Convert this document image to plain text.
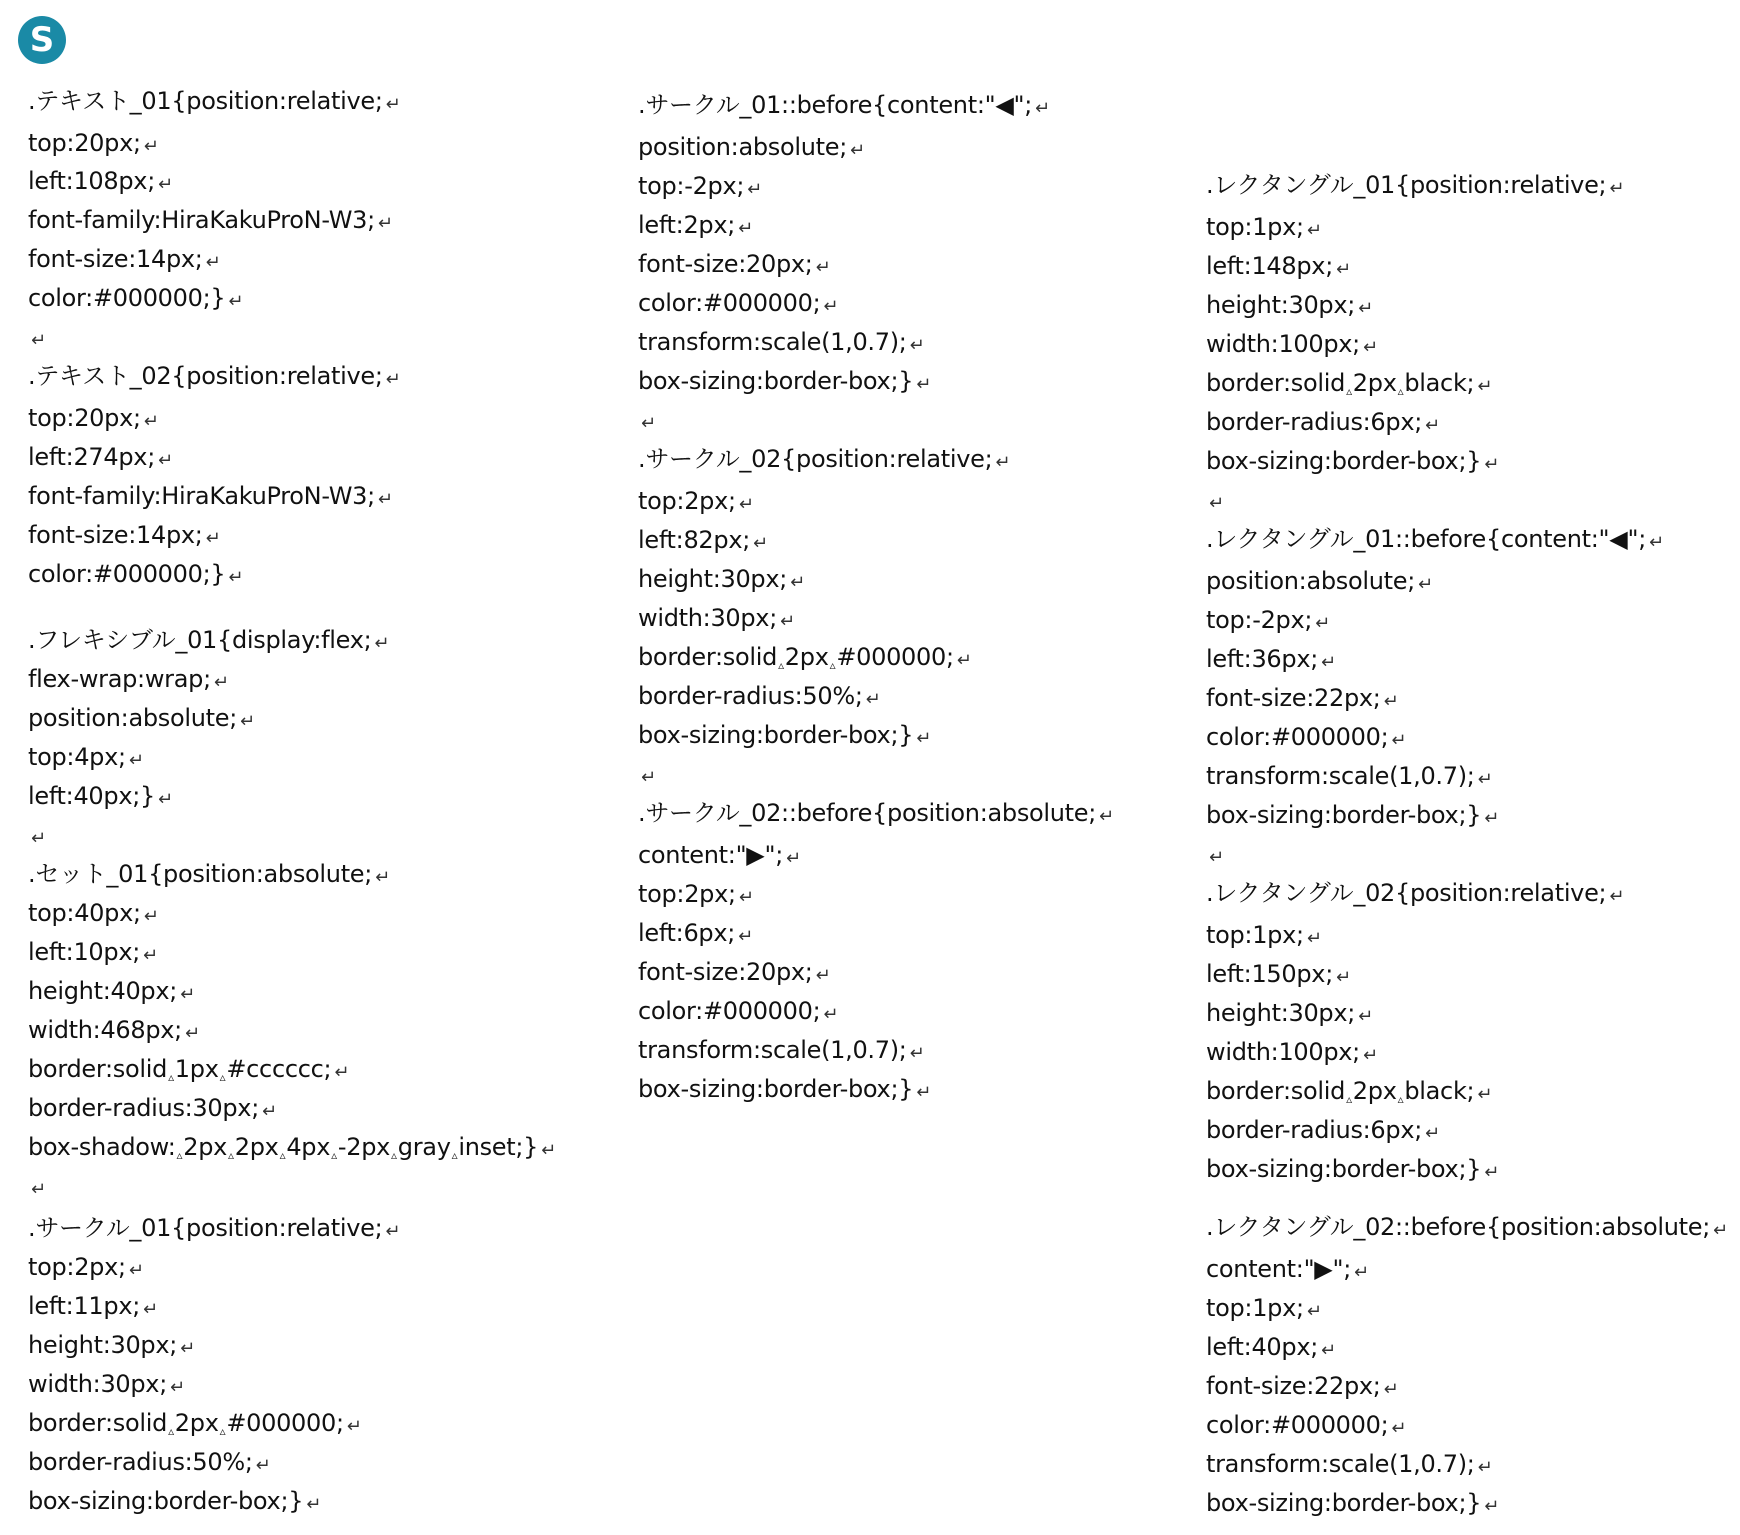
S
.テキスト_01{position:relative; ↵
top:20px; ↵
left:108px; ↵
font-family:HiraKakuProN-W3; ↵
font-size:14px; ↵
color:#000000;} ↵
↵
.テキスト_02{position:relative; ↵
top:20px; ↵
left:274px; ↵
font-family:HiraKakuProN-W3; ↵
font-size:14px; ↵
color:#000000;} ↵
.フレキシブル_01{display:flex; ↵
flex-wrap:wrap; ↵
position:absolute; ↵
top:4px; ↵
left:40px;} ↵
↵
.セット_01{position:absolute; ↵
top:40px; ↵
left:10px; ↵
height:40px; ↵
width:468px; ↵
border:solid▵1px▵#cccccc; ↵
border-radius:30px; ↵
box-shadow:▵2px▵2px▵4px▵-2px▵gray▵inset;} ↵
↵
.サークル_01{position:relative; ↵
top:2px; ↵
left:11px; ↵
height:30px; ↵
width:30px; ↵
border:solid▵2px▵#000000; ↵
border-radius:50%; ↵
box-sizing:border-box;} ↵
.サークル_01::before{content:"◀"; ↵
position:absolute; ↵
top:-2px; ↵
left:2px; ↵
font-size:20px; ↵
color:#000000; ↵
transform:scale(1,0.7); ↵
box-sizing:border-box;} ↵
↵
.サークル_02{position:relative; ↵
top:2px; ↵
left:82px; ↵
height:30px; ↵
width:30px; ↵
border:solid▵2px▵#000000; ↵
border-radius:50%; ↵
box-sizing:border-box;} ↵
↵
.サークル_02::before{position:absolute; ↵
content:"▶"; ↵
top:2px; ↵
left:6px; ↵
font-size:20px; ↵
color:#000000; ↵
transform:scale(1,0.7); ↵
box-sizing:border-box;} ↵
.レクタングル_01{position:relative; ↵
top:1px; ↵
left:148px; ↵
height:30px; ↵
width:100px; ↵
border:solid▵2px▵black; ↵
border-radius:6px; ↵
box-sizing:border-box;} ↵
↵
.レクタングル_01::before{content:"◀"; ↵
position:absolute; ↵
top:-2px; ↵
left:36px; ↵
font-size:22px; ↵
color:#000000; ↵
transform:scale(1,0.7); ↵
box-sizing:border-box;} ↵
↵
.レクタングル_02{position:relative; ↵
top:1px; ↵
left:150px; ↵
height:30px; ↵
width:100px; ↵
border:solid▵2px▵black; ↵
border-radius:6px; ↵
box-sizing:border-box;} ↵
.レクタングル_02::before{position:absolute; ↵
content:"▶"; ↵
top:1px; ↵
left:40px; ↵
font-size:22px; ↵
color:#000000; ↵
transform:scale(1,0.7); ↵
box-sizing:border-box;} ↵
